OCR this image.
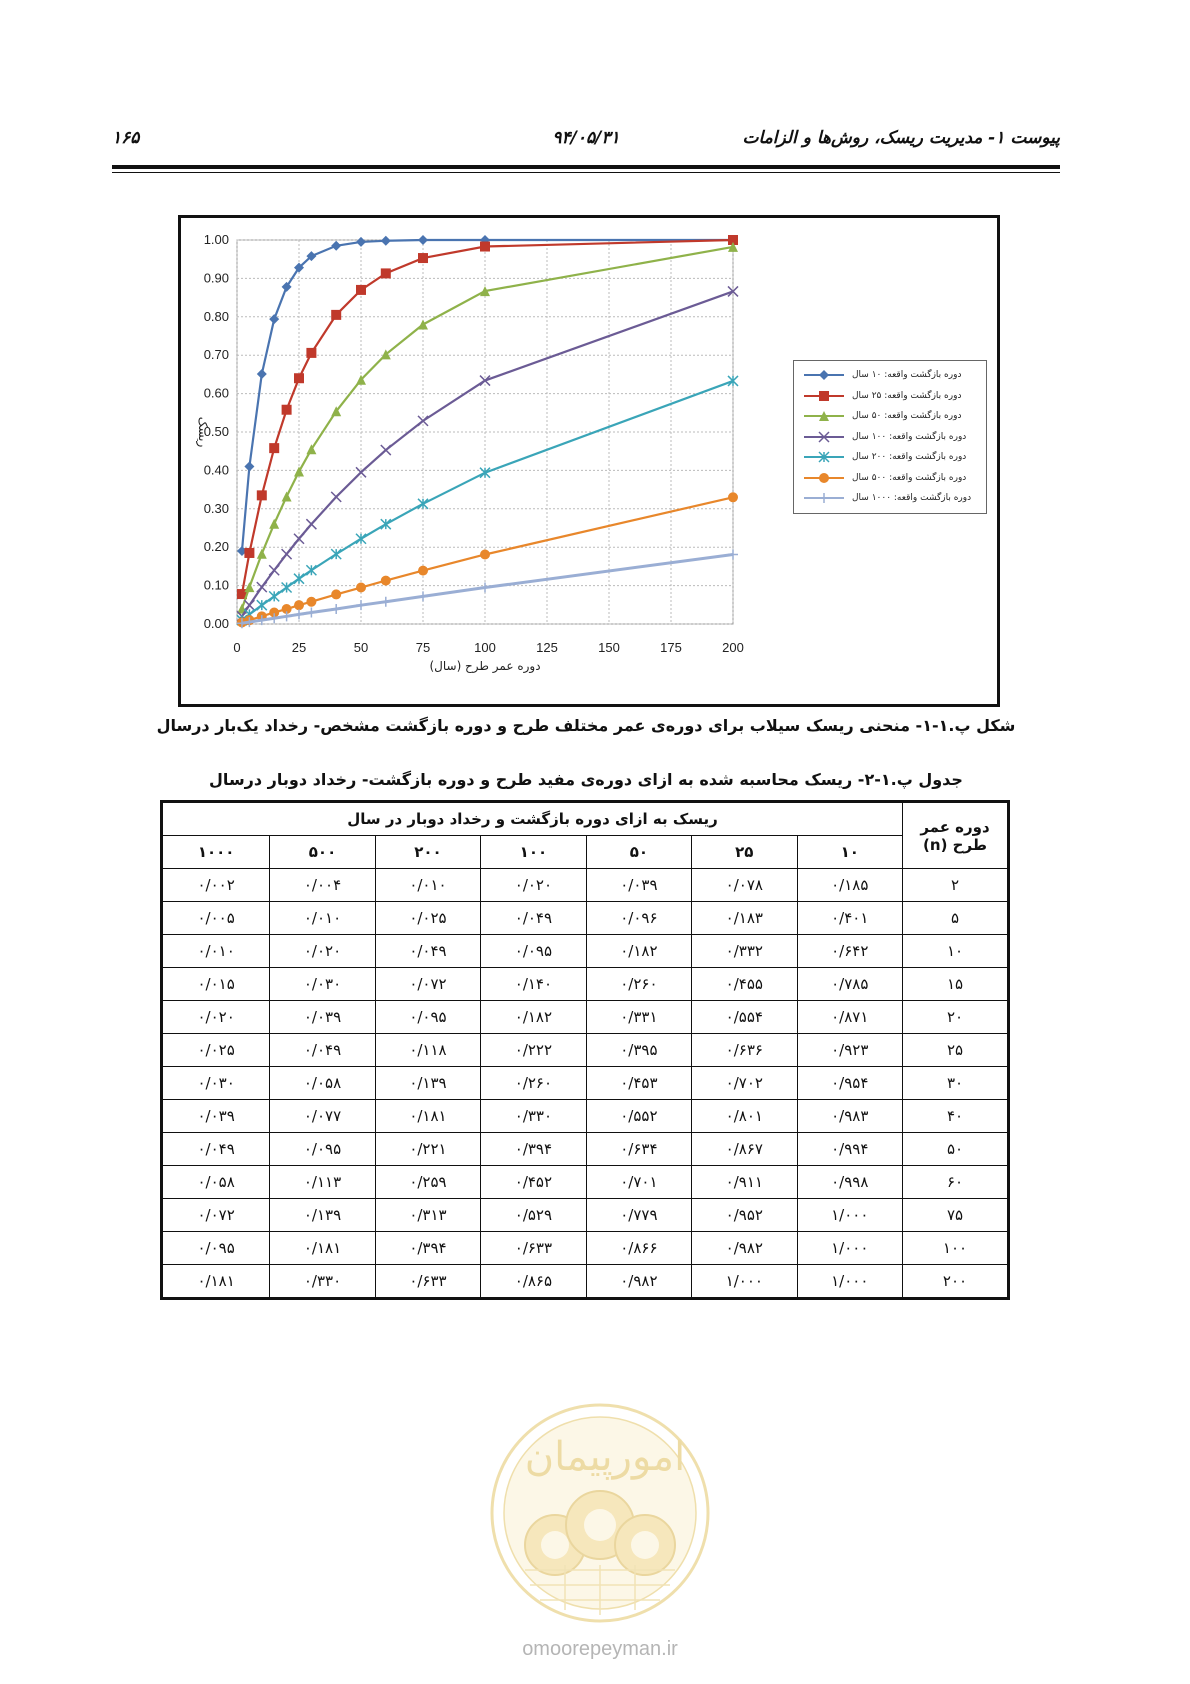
پیوست ۱- مدیریت ریسک، روش‌ها و الزامات
۹۴/۰۵/۳۱
۱۶۵
0	25	50	75	100	125	150	175	200
0.00
0.10
0.20
0.30
0.40
0.50
0.60
0.70
0.80
0.90
1.00
دوره عمر طرح (سال)
ریسک
دوره بازگشت واقعه: ۱۰ سال
دوره بازگشت واقعه: ۲۵ سال
دوره بازگشت واقعه: ۵۰ سال
دوره بازگشت واقعه: ۱۰۰ سال
دوره بازگشت واقعه: ۲۰۰ سال
دوره بازگشت واقعه: ۵۰۰ سال
دوره بازگشت واقعه: ۱۰۰۰ سال
شکل پ.۱-۱- منحنی ریسک سیلاب برای دوره‌ی عمر مختلف طرح و دوره بازگشت مشخص- رخداد یک‌بار درسال
جدول پ.۱-۲- ریسک محاسبه شده به ازای دوره‌ی مفید طرح و دوره بازگشت- رخداد دوبار درسال
دوره عمر طرح (n)	ریسک به ازای دوره بازگشت و رخداد دوبار در سال						
	۱۰	۲۵	۵۰	۱۰۰	۲۰۰	۵۰۰	۱۰۰۰
۲	۰/۱۸۵	۰/۰۷۸	۰/۰۳۹	۰/۰۲۰	۰/۰۱۰	۰/۰۰۴	۰/۰۰۲
۵	۰/۴۰۱	۰/۱۸۳	۰/۰۹۶	۰/۰۴۹	۰/۰۲۵	۰/۰۱۰	۰/۰۰۵
۱۰	۰/۶۴۲	۰/۳۳۲	۰/۱۸۲	۰/۰۹۵	۰/۰۴۹	۰/۰۲۰	۰/۰۱۰
۱۵	۰/۷۸۵	۰/۴۵۵	۰/۲۶۰	۰/۱۴۰	۰/۰۷۲	۰/۰۳۰	۰/۰۱۵
۲۰	۰/۸۷۱	۰/۵۵۴	۰/۳۳۱	۰/۱۸۲	۰/۰۹۵	۰/۰۳۹	۰/۰۲۰
۲۵	۰/۹۲۳	۰/۶۳۶	۰/۳۹۵	۰/۲۲۲	۰/۱۱۸	۰/۰۴۹	۰/۰۲۵
۳۰	۰/۹۵۴	۰/۷۰۲	۰/۴۵۳	۰/۲۶۰	۰/۱۳۹	۰/۰۵۸	۰/۰۳۰
۴۰	۰/۹۸۳	۰/۸۰۱	۰/۵۵۲	۰/۳۳۰	۰/۱۸۱	۰/۰۷۷	۰/۰۳۹
۵۰	۰/۹۹۴	۰/۸۶۷	۰/۶۳۴	۰/۳۹۴	۰/۲۲۱	۰/۰۹۵	۰/۰۴۹
۶۰	۰/۹۹۸	۰/۹۱۱	۰/۷۰۱	۰/۴۵۲	۰/۲۵۹	۰/۱۱۳	۰/۰۵۸
۷۵	۱/۰۰۰	۰/۹۵۲	۰/۷۷۹	۰/۵۲۹	۰/۳۱۳	۰/۱۳۹	۰/۰۷۲
۱۰۰	۱/۰۰۰	۰/۹۸۲	۰/۸۶۶	۰/۶۳۳	۰/۳۹۴	۰/۱۸۱	۰/۰۹۵
۲۰۰	۱/۰۰۰	۱/۰۰۰	۰/۹۸۲	۰/۸۶۵	۰/۶۳۳	۰/۳۳۰	۰/۱۸۱
امورپیمان
omoorepeyman.ir
